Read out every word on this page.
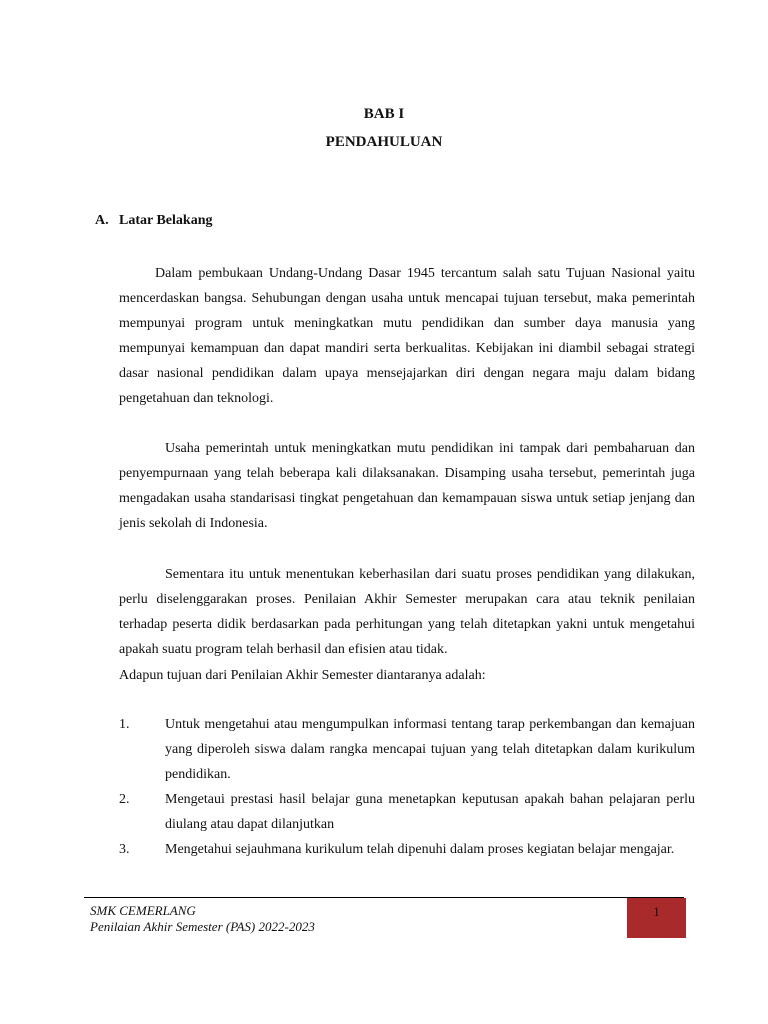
BAB I
PENDAHULUAN
A. Latar Belakang

Dalam pembukaan Undang-Undang Dasar 1945 tercantum salah satu Tujuan Nasional yaitu mencerdaskan bangsa. Sehubungan dengan usaha untuk mencapai tujuan tersebut, maka pemerintah mempunyai program untuk meningkatkan mutu pendidikan dan sumber daya manusia yang mempunyai kemampuan dan dapat mandiri serta berkualitas. Kebijakan ini diambil sebagai strategi dasar nasional pendidikan dalam upaya mensejajarkan diri dengan negara maju dalam bidang pengetahuan dan teknologi.

Usaha pemerintah untuk meningkatkan mutu pendidikan ini tampak dari pembaharuan dan penyempurnaan yang telah beberapa kali dilaksanakan. Disamping usaha tersebut, pemerintah juga mengadakan usaha standarisasi tingkat pengetahuan dan kemampauan siswa untuk setiap jenjang dan jenis sekolah di Indonesia.

Sementara itu untuk menentukan keberhasilan dari suatu proses pendidikan yang dilakukan, perlu diselenggarakan proses. Penilaian Akhir Semester merupakan cara atau teknik penilaian terhadap peserta didik berdasarkan pada perhitungan yang telah ditetapkan yakni untuk mengetahui apakah suatu program telah berhasil dan efisien atau tidak.

Adapun tujuan dari Penilaian Akhir Semester diantaranya adalah:

1.	Untuk mengetahui atau mengumpulkan informasi tentang tarap perkembangan dan kemajuan yang diperoleh siswa dalam rangka mencapai tujuan yang telah ditetapkan dalam kurikulum pendidikan.
2.	Mengetaui prestasi hasil belajar guna menetapkan keputusan apakah bahan pelajaran perlu diulang atau dapat dilanjutkan
3.	Mengetahui sejauhmana kurikulum telah dipenuhi dalam proses kegiatan belajar mengajar.
SMK CEMERLANG
Penilaian Akhir Semester (PAS) 2022-2023
1
